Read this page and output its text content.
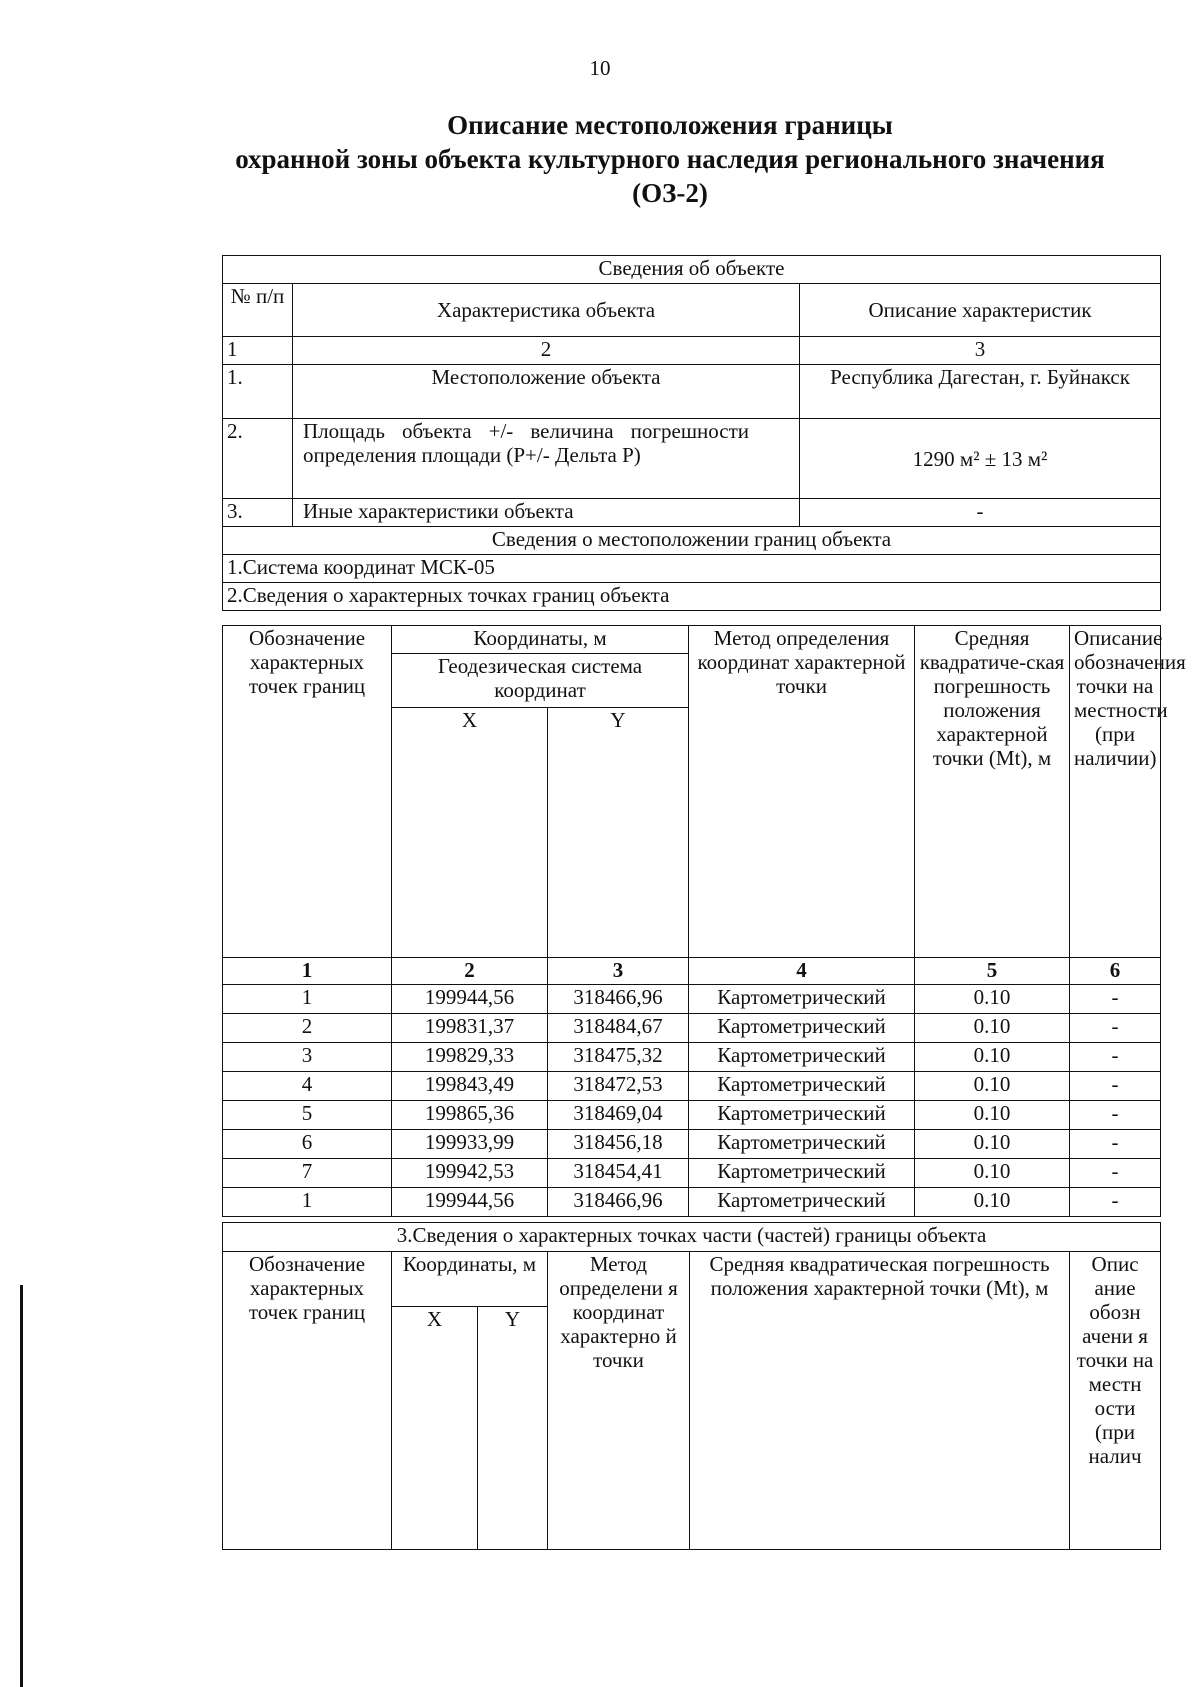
10
Описание местоположения границы
охранной зоны объекта культурного наследия регионального значения
(ОЗ-2)
Сведения об объекте		
№ п/п	Характеристика объекта	Описание характеристик
1	2	3
1.	Местоположение объекта	Республика Дагестан, г. Буйнакск
2.	Площадь объекта +/- величина погрешности определения площади (P+/- Дельта P)	1290 м² ± 13 м²
3.	Иные характеристики объекта	-
Сведения о местоположении границ объекта		
1.Система координат МСК-05		
2.Сведения о характерных точках границ объекта		
Обозначение характерных точек границ	Координаты, м		Метод определения координат характерной точки	Средняя квадратиче-ская погрешность положения характерной точки (Mt), м	Описание обозначения точки на местности (при наличии)
	Геодезическая система координат				
	X	Y			
1	2	3	4	5	6
1	199944,56	318466,96	Картометрический	0.10	-
2	199831,37	318484,67	Картометрический	0.10	-
3	199829,33	318475,32	Картометрический	0.10	-
4	199843,49	318472,53	Картометрический	0.10	-
5	199865,36	318469,04	Картометрический	0.10	-
6	199933,99	318456,18	Картометрический	0.10	-
7	199942,53	318454,41	Картометрический	0.10	-
1	199944,56	318466,96	Картометрический	0.10	-
3.Сведения о характерных точках части (частей) границы объекта					
Обозначение характерных точек границ	Координаты, м		Метод определени я координат характерно й точки	Средняя квадратическая погрешность положения характерной точки (Mt), м	Опис ание обозн ачени я точки на местн ости (при налич
	X	Y			
